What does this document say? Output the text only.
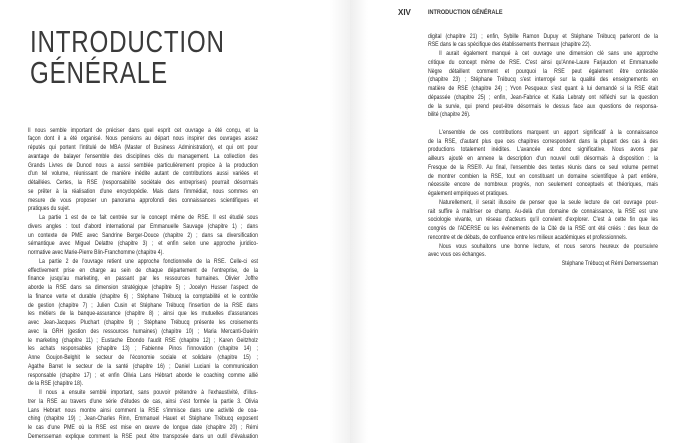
INTRODUCTION
GÉNÉRALE
Il nous semble important de préciser dans quel esprit cet ouvrage a été conçu, et la
façon dont il a été organisé. Nous pensions au départ nous inspirer des ouvrages assez
réputés qui portent l'intitulé de MBA (Master of Business Administration), et qui ont pour
avantage de balayer l'ensemble des disciplines clés du management. La collection des
Grands Livres de Dunod nous a aussi semblée particulièrement propice à la production
d'un tel volume, réunissant de manière inédite autant de contributions aussi variées et
détaillées. Certes, la RSE (responsabilité sociétale des entreprises) pourrait désormais
se prêter à la réalisation d'une encyclopédie. Mais dans l'immédiat, nous sommes en
mesure de vous proposer un panorama approfondi des connaissances scientifiques et
pratiques du sujet.
La partie 1 est de ce fait centrée sur le concept même de RSE. Il est étudié sous
divers angles : tout d'abord international par Emmanuelle Sauvage (chapitre 1) ; dans
un contexte de PME avec Sandrine Berger-Douce (chapitre 2) ; dans sa diversification
sémantique avec Miguel Delattre (chapitre 3) ; et enfin selon une approche juridico-
normative avec Marie-Pierre Blin-Franchomme (chapitre 4).
La partie 2 de l'ouvrage retient une approche fonctionnelle de la RSE. Celle-ci est
effectivement prise en charge au sein de chaque département de l'entreprise, de la
finance jusqu'au marketing, en passant par les ressources humaines. Olivier Joffre
aborde la RSE dans sa dimension stratégique (chapitre 5) ; Jocelyn Husser l'aspect de
la finance verte et durable (chapitre 6) ; Stéphane Trébucq la comptabilité et le contrôle
de gestion (chapitre 7) ; Julien Cusin et Stéphane Trébucq l'insertion de la RSE dans
les métiers de la banque-assurance (chapitre 8) ; ainsi que les mutuelles d'assurances
avec Jean-Jacques Pluchart (chapitre 9) ; Stéphane Trébucq présente les croisements
avec la GRH (gestion des ressources humaines) (chapitre 10) ; Maria Mercanti-Guérin
le marketing (chapitre 11) ; Eustache Ebondo l'audit RSE (chapitre 12) ; Karen Geitzholz
les achats responsables (chapitre 13) ; Fabienne Pinos l'innovation (chapitre 14) ;
Anne Goujon-Belghit le secteur de l'économie sociale et solidaire (chapitre 15) ;
Agathe Barret le secteur de la santé (chapitre 16) ; Daniel Luciani la communication
responsable (chapitre 17) ; et enfin Olivia Lans Hébrart aborde le coaching comme allié
de la RSE (chapitre 18).
Il nous a ensuite semblé important, sans pouvoir prétendre à l'exhaustivité, d'illus-
trer la RSE au travers d'une série d'études de cas, ainsi s'est formée la partie 3. Olivia
Lans Hebrart nous montre ainsi comment la RSE s'immisce dans une activité de coa-
ching (chapitre 19) ; Jean-Charles Rinn, Emmanuel Hauet et Stéphane Trébucq exposent
le cas d'une PME où la RSE est mise en œuvre de longue date (chapitre 20) ; Rémi
Demersseman explique comment la RSE peut être transposée dans un outil d'évaluation
XIV	INTRODUCTION GÉNÉRALE
digital (chapitre 21) ; enfin, Sybille Ramon Dupuy et Stéphane Trébucq parleront de la
RSE dans le cas spécifique des établissements thermaux (chapitre 22).
Il aurait également manqué à cet ouvrage une dimension clé sans une approche
critique du concept même de RSE. C'est ainsi qu'Anne-Laure Farjaudon et Emmanuelle
Nègre détaillent comment et pourquoi la RSE peut également être contestée
(chapitre 23) ; Stéphane Trébucq s'est interrogé sur la qualité des enseignements en
matière de RSE (chapitre 24) ; Yvon Pesqueux s'est quant à lui demandé si la RSE était
dépassée (chapitre 25) ; enfin, Jean-Fabrice et Katia Lebraty ont réfléchi sur la question
de la survie, qui prend peut-être désormais le dessus face aux questions de responsa-
bilité (chapitre 26).
L'ensemble de ces contributions marquent un apport significatif à la connaissance
de la RSE, d'autant plus que ces chapitres correspondent dans la plupart des cas à des
productions totalement inédites. L'avancée est donc significative. Nous avons par
ailleurs ajouté en annexe la description d'un nouvel outil désormais à disposition : la
Fresque de la RSE®. Au final, l'ensemble des textes réunis dans ce seul volume permet
de montrer combien la RSE, tout en constituant un domaine scientifique à part entière,
nécessite encore de nombreux progrès, non seulement conceptuels et théoriques, mais
également empiriques et pratiques.
Naturellement, il serait illusoire de penser que la seule lecture de cet ouvrage pour-
rait suffire à maîtriser ce champ. Au-delà d'un domaine de connaissance, la RSE est une
sociologie vivante, un réseau d'acteurs qu'il convient d'explorer. C'est à cette fin que les
congrès de l'ADERSE ou les événements de la Cité de la RSE ont été créés : des lieux de
rencontre et de débats, de confluence entre les milieux académiques et professionnels.
Nous vous souhaitons une bonne lecture, et nous serons heureux de poursuivre
avec vous ces échanges.
Stéphane Trébucq et Rémi Demersseman
